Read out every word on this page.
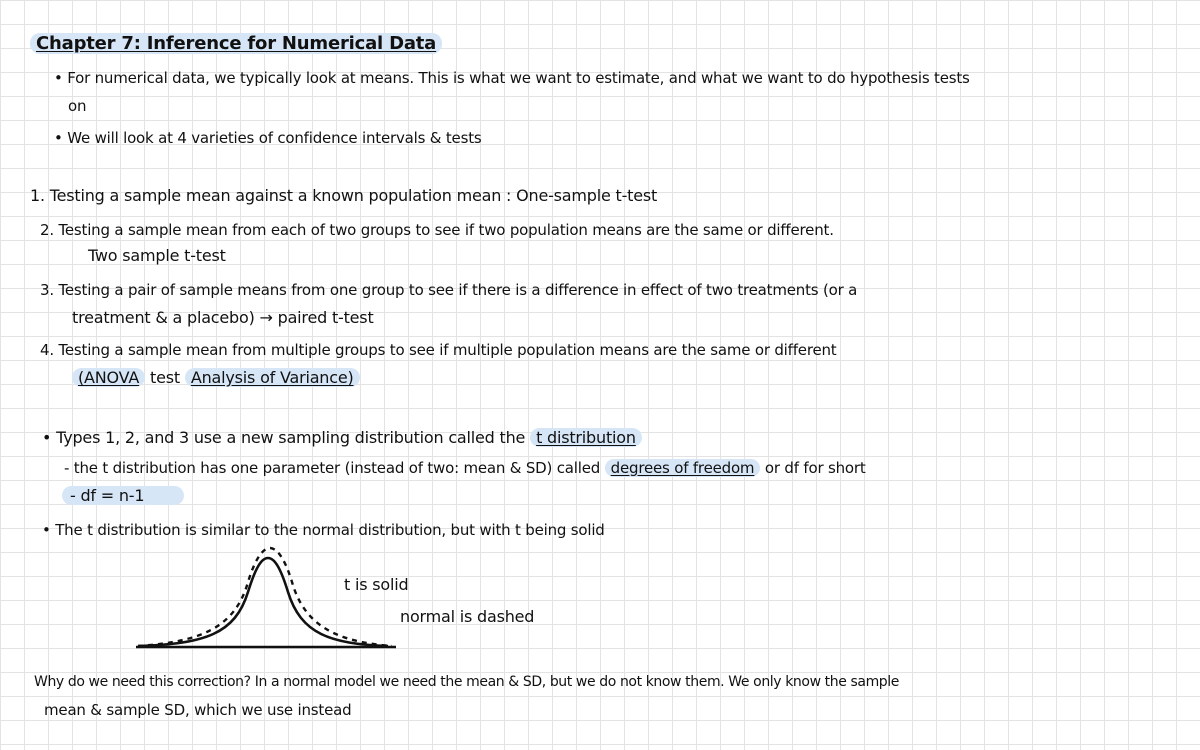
Chapter 7: Inference for Numerical Data
• For numerical data, we typically look at means. This is what we want to estimate, and what we want to do hypothesis tests
on
• We will look at 4 varieties of confidence intervals & tests
1. Testing a sample mean against a known population mean : One-sample t-test
2. Testing a sample mean from each of two groups to see if two population means are the same or different.
Two sample t-test
3. Testing a pair of sample means from one group to see if there is a difference in effect of two treatments (or a
treatment & a placebo) → paired t-test
4. Testing a sample mean from multiple groups to see if multiple population means are the same or different
(ANOVA test Analysis of Variance)
• Types 1, 2, and 3 use a new sampling distribution called the t distribution
- the t distribution has one parameter (instead of two: mean & SD) called degrees of freedom or df for short
- df = n-1
• The t distribution is similar to the normal distribution, but with t being solid
t is solid
normal is dashed
Why do we need this correction? In a normal model we need the mean & SD, but we do not know them. We only know the sample
mean & sample SD, which we use instead
